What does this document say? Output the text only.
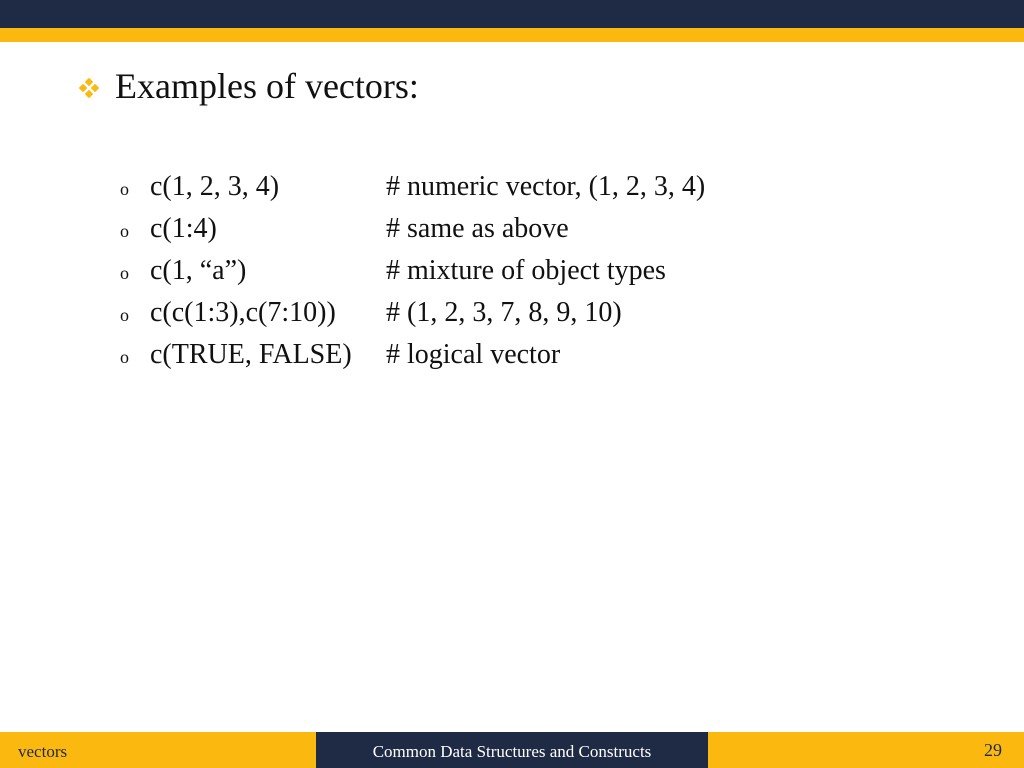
Examples of vectors:
o c(1, 2, 3, 4)	# numeric vector, (1, 2, 3, 4)
o c(1:4)	# same as above
o c(1, “a”)	# mixture of object types
o c(c(1:3),c(7:10))	# (1, 2, 3, 7, 8, 9, 10)
o c(TRUE, FALSE)	# logical vector
vectors	Common Data Structures and Constructs	29
